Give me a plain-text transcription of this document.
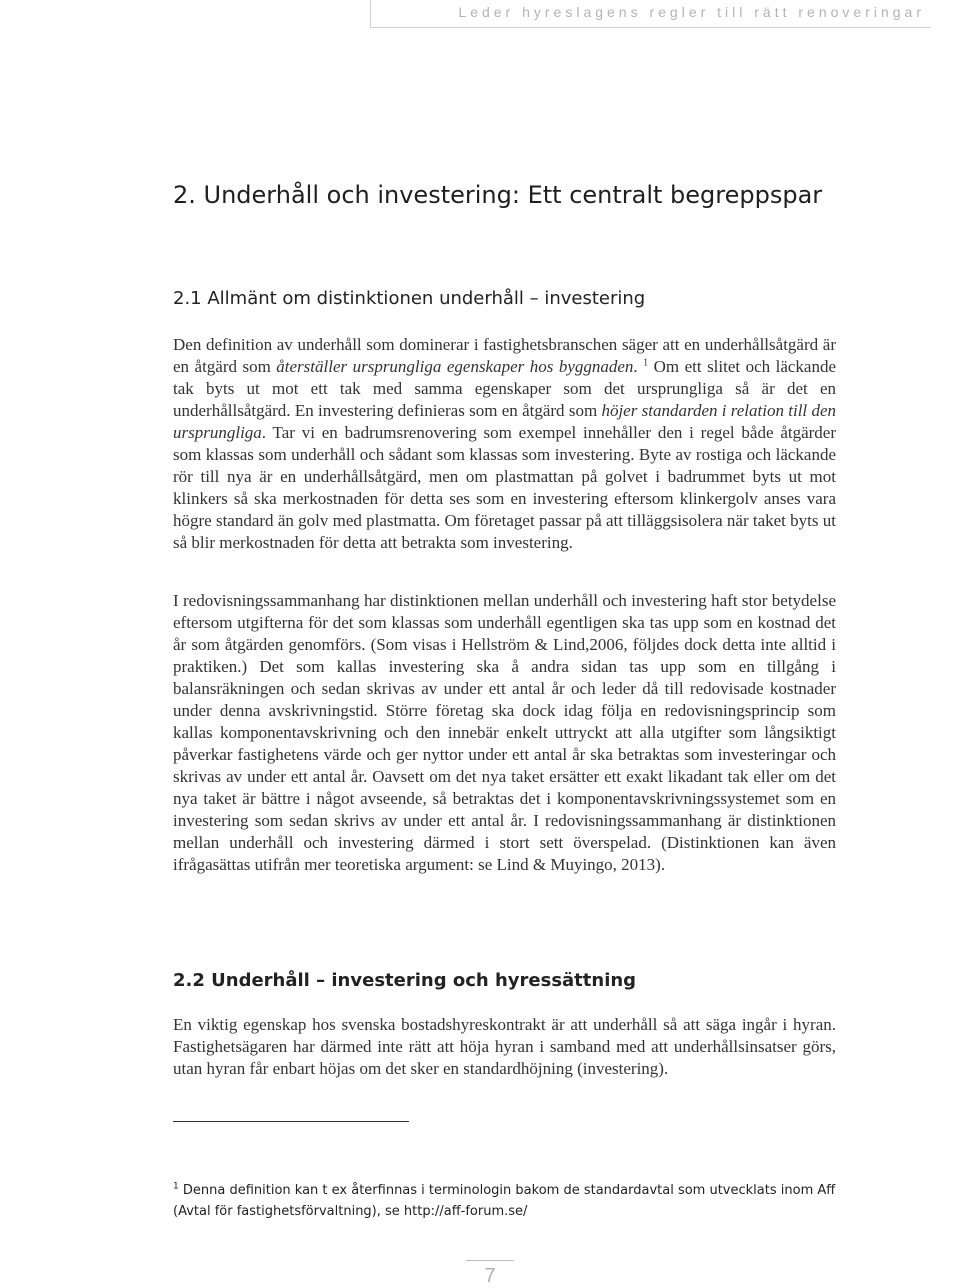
Leder hyreslagens regler till rätt renoveringar
2. Underhåll och investering: Ett centralt begreppspar
2.1 Allmänt om distinktionen underhåll – investering

Den definition av underhåll som dominerar i fastighetsbranschen säger att en underhållsåtgärd är en åtgärd som återställer ursprungliga egenskaper hos byggnaden. $^1$ Om ett slitet och läckande tak byts ut mot ett tak med samma egenskaper som det ursprungliga så är det en underhållsåtgärd. En investering definieras som en åtgärd som höjer standarden i relation till den ursprungliga. Tar vi en badrumsrenovering som exempel innehåller den i regel både åtgärder som klassas som underhåll och sådant som klassas som investering. Byte av rostiga och läckande rör till nya är en underhållsåtgärd, men om plastmattan på golvet i badrummet byts ut mot klinkers så ska merkostnaden för detta ses som en investering eftersom klinkergolv anses vara högre standard än golv med plastmatta. Om företaget passar på att tilläggsisolera när taket byts ut så blir merkostnaden för detta att betrakta som investering.

I redovisningssammanhang har distinktionen mellan underhåll och investering haft stor betydelse eftersom utgifterna för det som klassas som underhåll egentligen ska tas upp som en kostnad det år som åtgärden genomförs. (Som visas i Hellström & Lind,2006, följdes dock detta inte alltid i praktiken.) Det som kallas investering ska å andra sidan tas upp som en tillgång i balansräkningen och sedan skrivas av under ett antal år och leder då till redovisade kostnader under denna avskrivningstid. Större företag ska dock idag följa en redovisningsprincip som kallas komponentavskrivning och den innebär enkelt uttryckt att alla utgifter som långsiktigt påverkar fastighetens värde och ger nyttor under ett antal år ska betraktas som investeringar och skrivas av under ett antal år. Oavsett om det nya taket ersätter ett exakt likadant tak eller om det nya taket är bättre i något avseende, så betraktas det i komponentavskrivningssystemet som en investering som sedan skrivs av under ett antal år. I redovisningssammanhang är distinktionen mellan underhåll och investering därmed i stort sett överspelad. (Distinktionen kan även ifrågasättas utifrån mer teoretiska argument: se Lind & Muyingo, 2013).

2.2 Underhåll – investering och hyressättning

En viktig egenskap hos svenska bostadshyreskontrakt är att underhåll så att säga ingår i hyran. Fastighetsägaren har därmed inte rätt att höja hyran i samband med att underhållsinsatser görs, utan hyran får enbart höjas om det sker en standardhöjning (investering).

$^1$ Denna definition kan t ex återfinnas i terminologin bakom de standardavtal som utvecklats inom Aff (Avtal för fastighetsförvaltning), se http://aff-forum.se/

7
